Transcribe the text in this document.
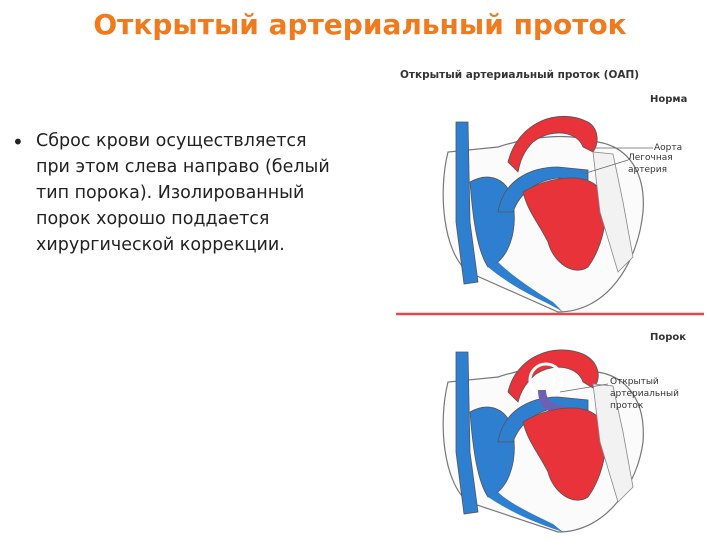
Открытый артериальный проток
• Сброс крови осуществляется при этом слева направо (белый тип порока). Изолированный порок хорошо поддается хирургической коррекции.
Открытый артериальный проток (ОАП)
Норма
Аорта
Легочная
артерия
Порок
Открытый
артериальный
проток
